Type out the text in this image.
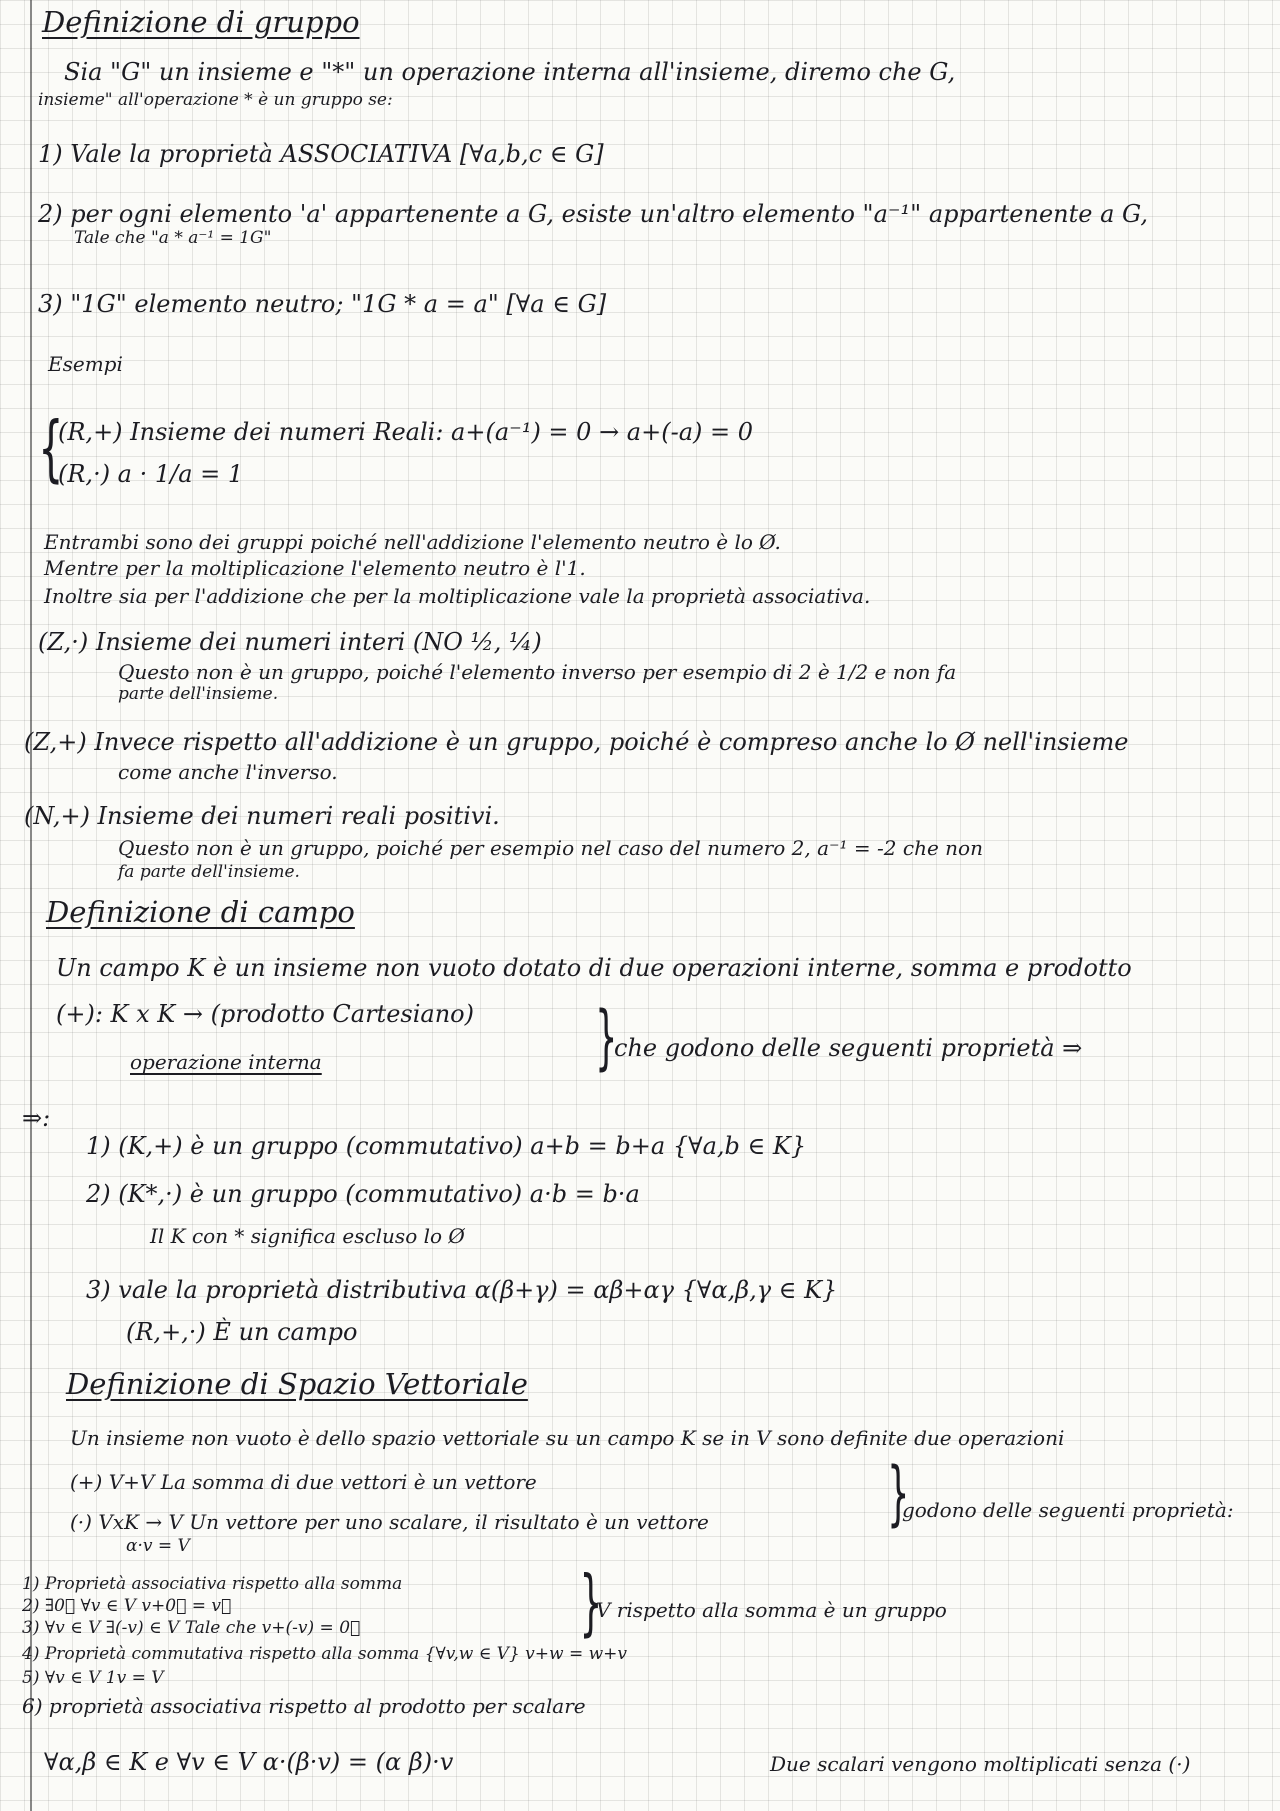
Definizione di gruppo
Sia "G" un insieme e "*" un operazione interna all'insieme, diremo che G,
insieme" all'operazione * è un gruppo se:
1) Vale la proprietà ASSOCIATIVA [∀a,b,c ∈ G]
2) per ogni elemento 'a' appartenente a G, esiste un'altro elemento "a⁻¹" appartenente a G,
Tale che "a * a⁻¹ = 1G"
3) "1G" elemento neutro; "1G * a = a" [∀a ∈ G]
Esempi
{
(R,+) Insieme dei numeri Reali: a+(a⁻¹) = 0 → a+(-a) = 0
(R,·) a · 1/a = 1
Entrambi sono dei gruppi poiché nell'addizione l'elemento neutro è lo Ø.
Mentre per la moltiplicazione l'elemento neutro è l'1.
Inoltre sia per l'addizione che per la moltiplicazione vale la proprietà associativa.
(Z,·) Insieme dei numeri interi (NO ½, ¼)
Questo non è un gruppo, poiché l'elemento inverso per esempio di 2 è 1/2 e non fa
parte dell'insieme.
(Z,+) Invece rispetto all'addizione è un gruppo, poiché è compreso anche lo Ø nell'insieme
come anche l'inverso.
(N,+) Insieme dei numeri reali positivi.
Questo non è un gruppo, poiché per esempio nel caso del numero 2, a⁻¹ = -2 che non
fa parte dell'insieme.
Definizione di campo
Un campo K è un insieme non vuoto dotato di due operazioni interne, somma e prodotto
(+): K x K → (prodotto Cartesiano)
operazione interna	}
che godono delle seguenti proprietà ⇒
⇒:
1) (K,+) è un gruppo (commutativo) a+b = b+a {∀a,b ∈ K}
2) (K*,·) è un gruppo (commutativo) a·b = b·a
Il K con * significa escluso lo Ø
3) vale la proprietà distributiva α(β+γ) = αβ+αγ {∀α,β,γ ∈ K}
(R,+,·) È un campo
Definizione di Spazio Vettoriale
Un insieme non vuoto è dello spazio vettoriale su un campo K se in V sono definite due operazioni
(+) V+V La somma di due vettori è un vettore
(·) VxK → V Un vettore per uno scalare, il risultato è un vettore
α·v = V
}
godono delle seguenti proprietà:
1) Proprietà associativa rispetto alla somma
2) ∃0⃗ ∀v ∈ V v+0⃗ = v⃗
3) ∀v ∈ V ∃(-v) ∈ V Tale che v+(-v) = 0⃗	}
V rispetto alla somma è un gruppo
4) Proprietà commutativa rispetto alla somma {∀v,w ∈ V} v+w = w+v
5) ∀v ∈ V 1v = V
6) proprietà associativa rispetto al prodotto per scalare
∀α,β ∈ K e ∀v ∈ V α·(β·v) = (α β)·v	Due scalari vengono moltiplicati senza (·)
